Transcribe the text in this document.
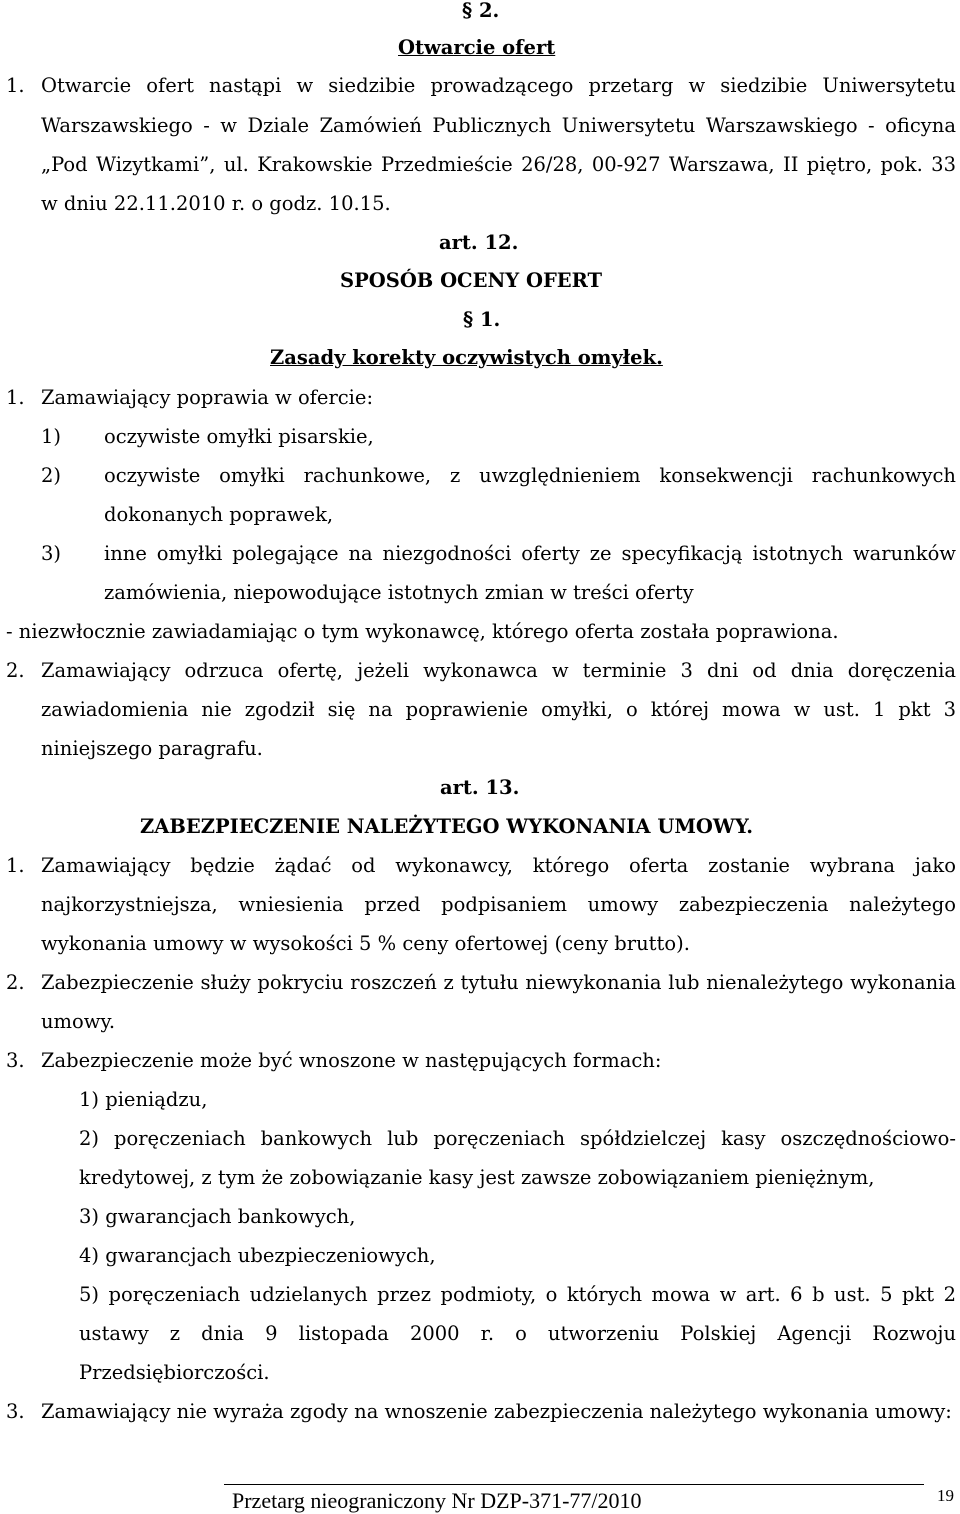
§ 2.
Otwarcie ofert
1. Otwarcie ofert nastąpi w siedzibie prowadzącego przetarg w siedzibie Uniwersytetu
Warszawskiego - w Dziale Zamówień Publicznych Uniwersytetu Warszawskiego - oficyna
„Pod Wizytkami”, ul. Krakowskie Przedmieście 26/28, 00-927 Warszawa, II piętro, pok. 33
w dniu 22.11.2010 r. o godz. 10.15.
art. 12.
SPOSÓB OCENY OFERT
§ 1.
Zasady korekty oczywistych omyłek.
1. Zamawiający poprawia w ofercie:
1) oczywiste omyłki pisarskie,
2) oczywiste omyłki rachunkowe, z uwzględnieniem konsekwencji rachunkowych
dokonanych poprawek,
3) inne omyłki polegające na niezgodności oferty ze specyfikacją istotnych warunków
zamówienia, niepowodujące istotnych zmian w treści oferty
- niezwłocznie zawiadamiając o tym wykonawcę, którego oferta została poprawiona.
2. Zamawiający odrzuca ofertę, jeżeli wykonawca w terminie 3 dni od dnia doręczenia
zawiadomienia nie zgodził się na poprawienie omyłki, o której mowa w ust. 1 pkt 3
niniejszego paragrafu.
art. 13.
ZABEZPIECZENIE NALEŻYTEGO WYKONANIA UMOWY.
1. Zamawiający będzie żądać od wykonawcy, którego oferta zostanie wybrana jako
najkorzystniejsza, wniesienia przed podpisaniem umowy zabezpieczenia należytego
wykonania umowy w wysokości 5 % ceny ofertowej (ceny brutto).
2. Zabezpieczenie służy pokryciu roszczeń z tytułu niewykonania lub nienależytego wykonania
umowy.
3. Zabezpieczenie może być wnoszone w następujących formach:
1) pieniądzu,
2) poręczeniach bankowych lub poręczeniach spółdzielczej kasy oszczędnościowo-
kredytowej, z tym że zobowiązanie kasy jest zawsze zobowiązaniem pieniężnym,
3) gwarancjach bankowych,
4) gwarancjach ubezpieczeniowych,
5) poręczeniach udzielanych przez podmioty, o których mowa w art. 6 b ust. 5 pkt 2
ustawy z dnia 9 listopada 2000 r. o utworzeniu Polskiej Agencji Rozwoju
Przedsiębiorczości.
3. Zamawiający nie wyraża zgody na wnoszenie zabezpieczenia należytego wykonania umowy:
Przetarg nieograniczony Nr DZP-371-77/2010	19
